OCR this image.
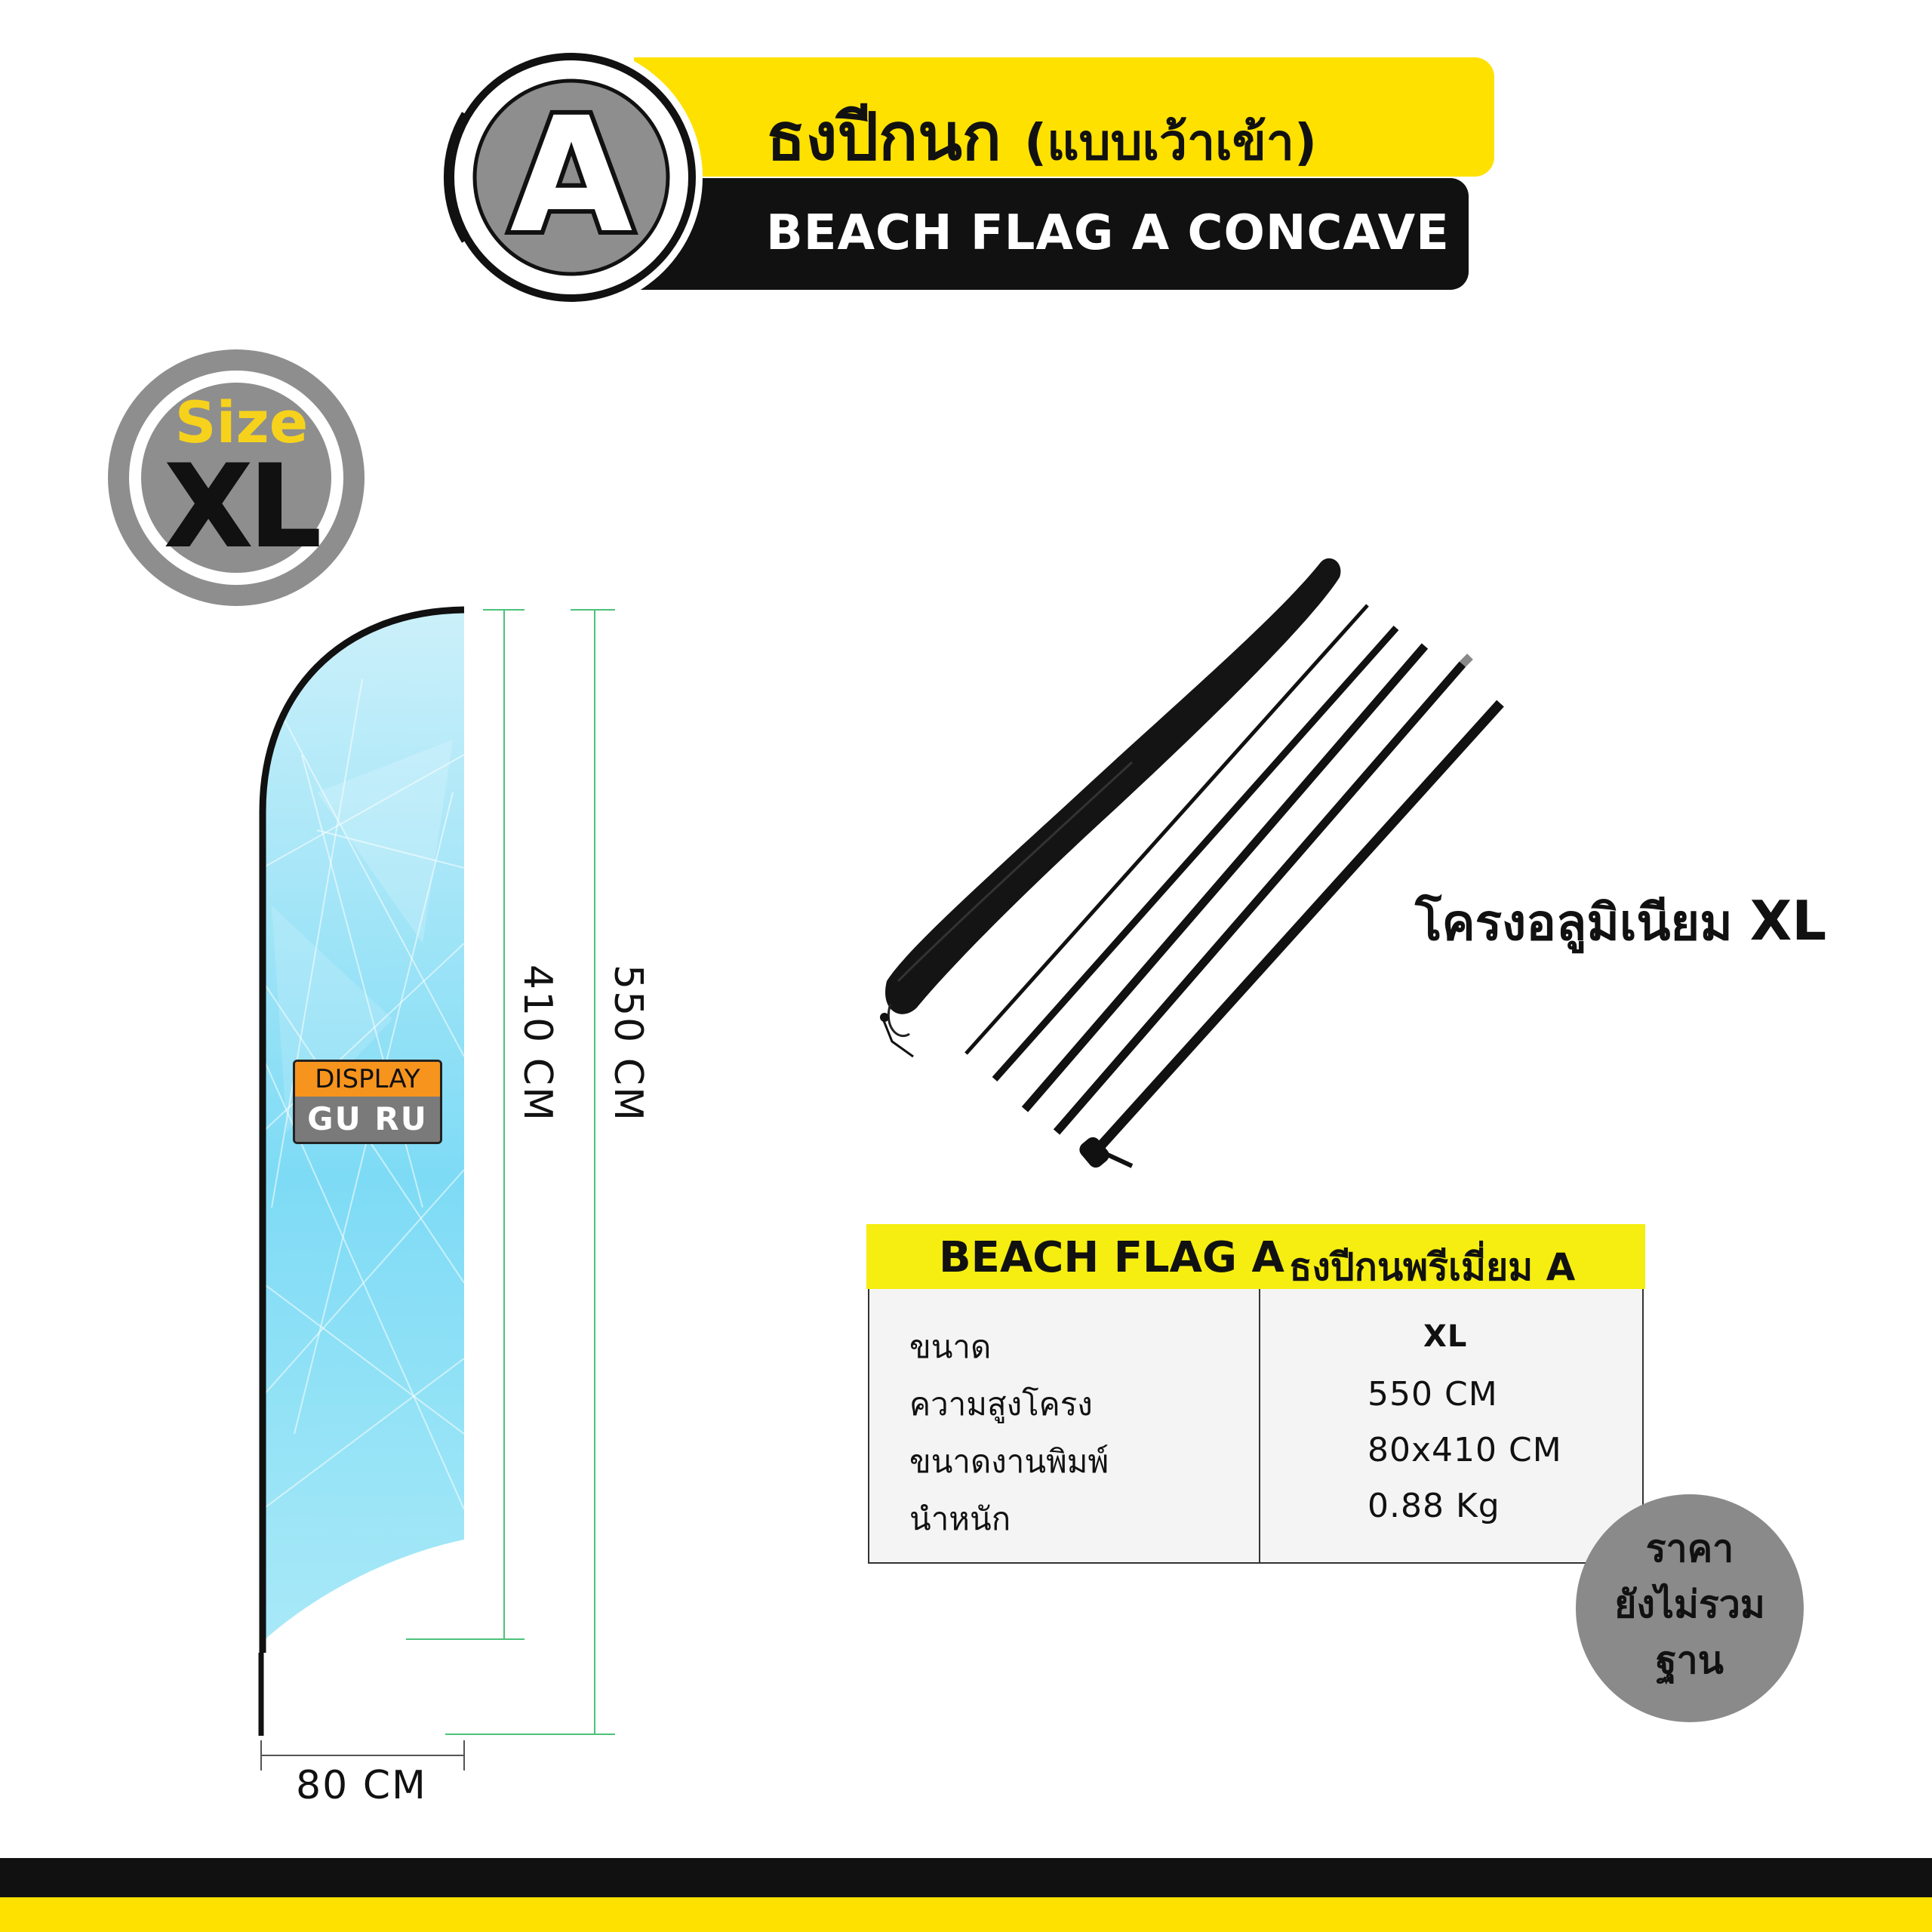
A ธงปีกนก (แบบเว้าเข้า)
BEACH FLAG A CONCAVE
Size
XL
DISPLAY
GU RU	410 CM 550 CM
80 CM
โครงอลูมิเนียม XL
BEACH FLAG A ธงปีกนพรีเมี่ยม A
ขนาด
ความสูงโครง
ขนาดงานพิมพ์
นำหนัก
XL
550 CM
80x410 CM
0.88 Kg
ราคา
ยังไม่รวม
ฐาน
